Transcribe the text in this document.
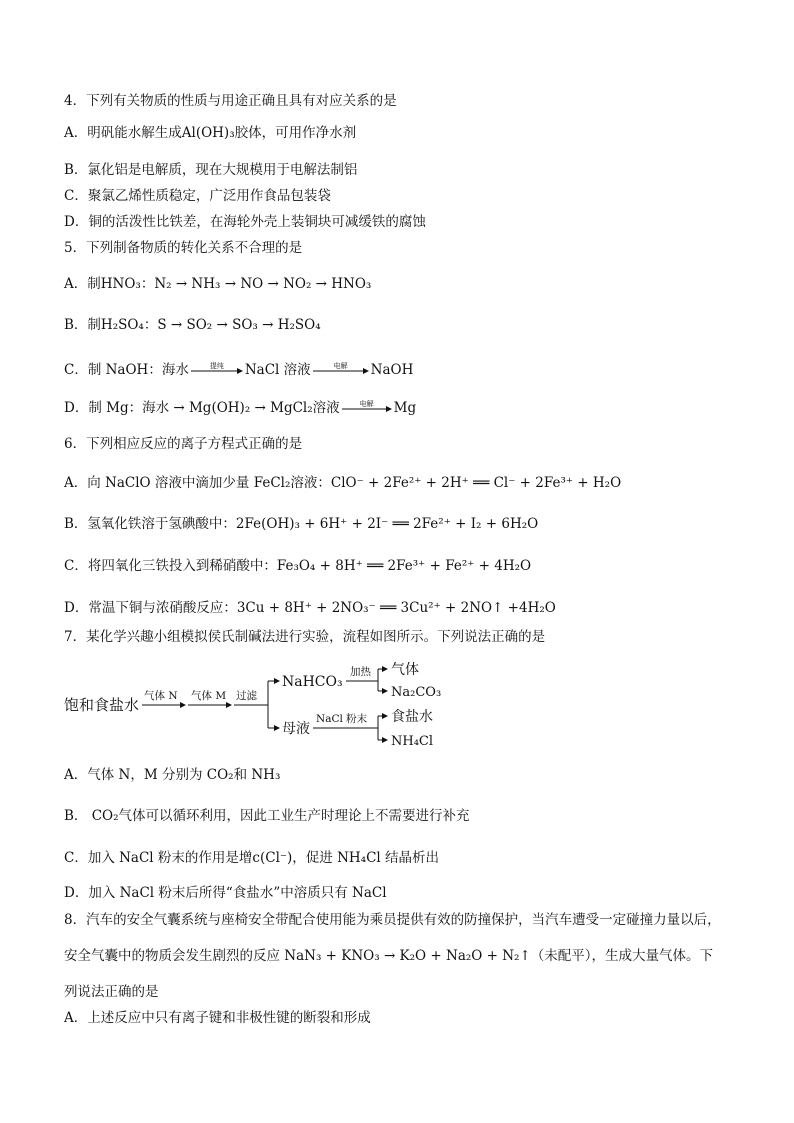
4．下列有关物质的性质与用途正确且具有对应关系的是
A．明矾能水解生成Al(OH)₃胶体，可用作净水剂
B．氯化铝是电解质，现在大规模用于电解法制铝
C．聚氯乙烯性质稳定，广泛用作食品包装袋
D．铜的活泼性比铁差，在海轮外壳上装铜块可减缓铁的腐蚀
5．下列制备物质的转化关系不合理的是
A．制HNO₃：N₂ → NH₃ → NO → NO₂ → HNO₃
B．制H₂SO₄：S → SO₂ → SO₃ → H₂SO₄
C．制 NaOH：海水	提纯	NaCl 溶液	电解	NaOH
D．制 Mg：海水 → Mg(OH)₂ → MgCl₂溶液	电解	Mg
6．下列相应反应的离子方程式正确的是
A．向 NaClO 溶液中滴加少量 FeCl₂溶液：ClO⁻ + 2Fe²⁺ + 2H⁺ ══ Cl⁻ + 2Fe³⁺ + H₂O
B．氢氧化铁溶于氢碘酸中：2Fe(OH)₃ + 6H⁺ + 2I⁻ ══ 2Fe²⁺ + I₂ + 6H₂O
C．将四氧化三铁投入到稀硝酸中：Fe₃O₄ + 8H⁺ ══ 2Fe³⁺ + Fe²⁺ + 4H₂O
D．常温下铜与浓硝酸反应：3Cu + 8H⁺ + 2NO₃⁻ ══ 3Cu²⁺ + 2NO↑ +4H₂O
7．某化学兴趣小组模拟侯氏制碱法进行实验，流程如图所示。下列说法正确的是
饱和食盐水 气体 N 气体 M 过滤
NaHCO₃
加热 气体
Na₂CO₃
母液
NaCl 粉末 食盐水
NH₄Cl
A．气体 N，M 分别为 CO₂和 NH₃
B． CO₂气体可以循环利用，因此工业生产时理论上不需要进行补充
C．加入 NaCl 粉末的作用是增c(Cl⁻)，促进 NH₄Cl 结晶析出
D．加入 NaCl 粉末后所得“食盐水”中溶质只有 NaCl
8．汽车的安全气囊系统与座椅安全带配合使用能为乘员提供有效的防撞保护，当汽车遭受一定碰撞力量以后，
安全气囊中的物质会发生剧烈的反应 NaN₃ + KNO₃ → K₂O + Na₂O + N₂↑（未配平），生成大量气体。下
列说法正确的是
A．上述反应中只有离子键和非极性键的断裂和形成
